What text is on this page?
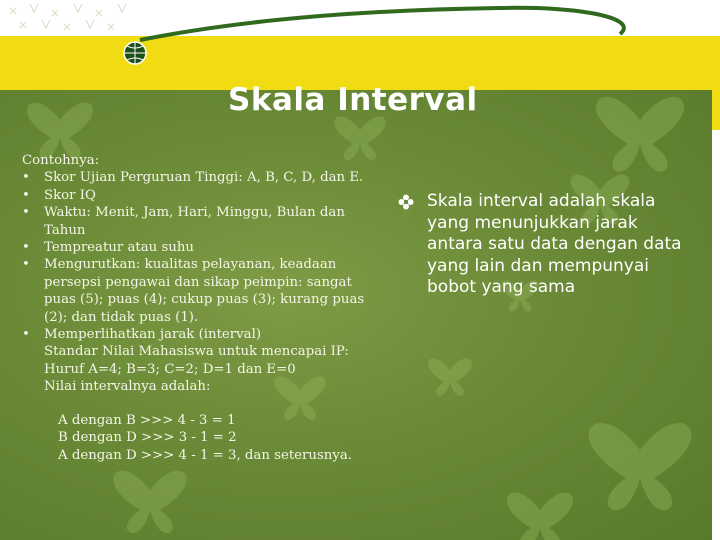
Skala Interval
Contohnya:
• Skor Ujian Perguruan Tinggi: A, B, C, D, dan E.
• Skor IQ
• Waktu: Menit, Jam, Hari, Minggu, Bulan dan Tahun
• Tempreatur atau suhu
• Mengurutkan: kualitas pelayanan, keadaan persepsi pengawai dan sikap peimpin: sangat puas (5); puas (4); cukup puas (3); kurang puas (2); dan tidak puas (1).
• Memperlihatkan jarak (interval)
Standar Nilai Mahasiswa untuk mencapai IP:
Huruf A=4; B=3; C=2; D=1 dan E=0
Nilai intervalnya adalah:
A dengan B >>> 4 - 3 = 1
B dengan D >>> 3 - 1 = 2
A dengan D >>> 4 - 1 = 3, dan seterusnya.
Skala interval adalah skala yang menunjukkan jarak antara satu data dengan data yang lain dan mempunyai bobot yang sama
